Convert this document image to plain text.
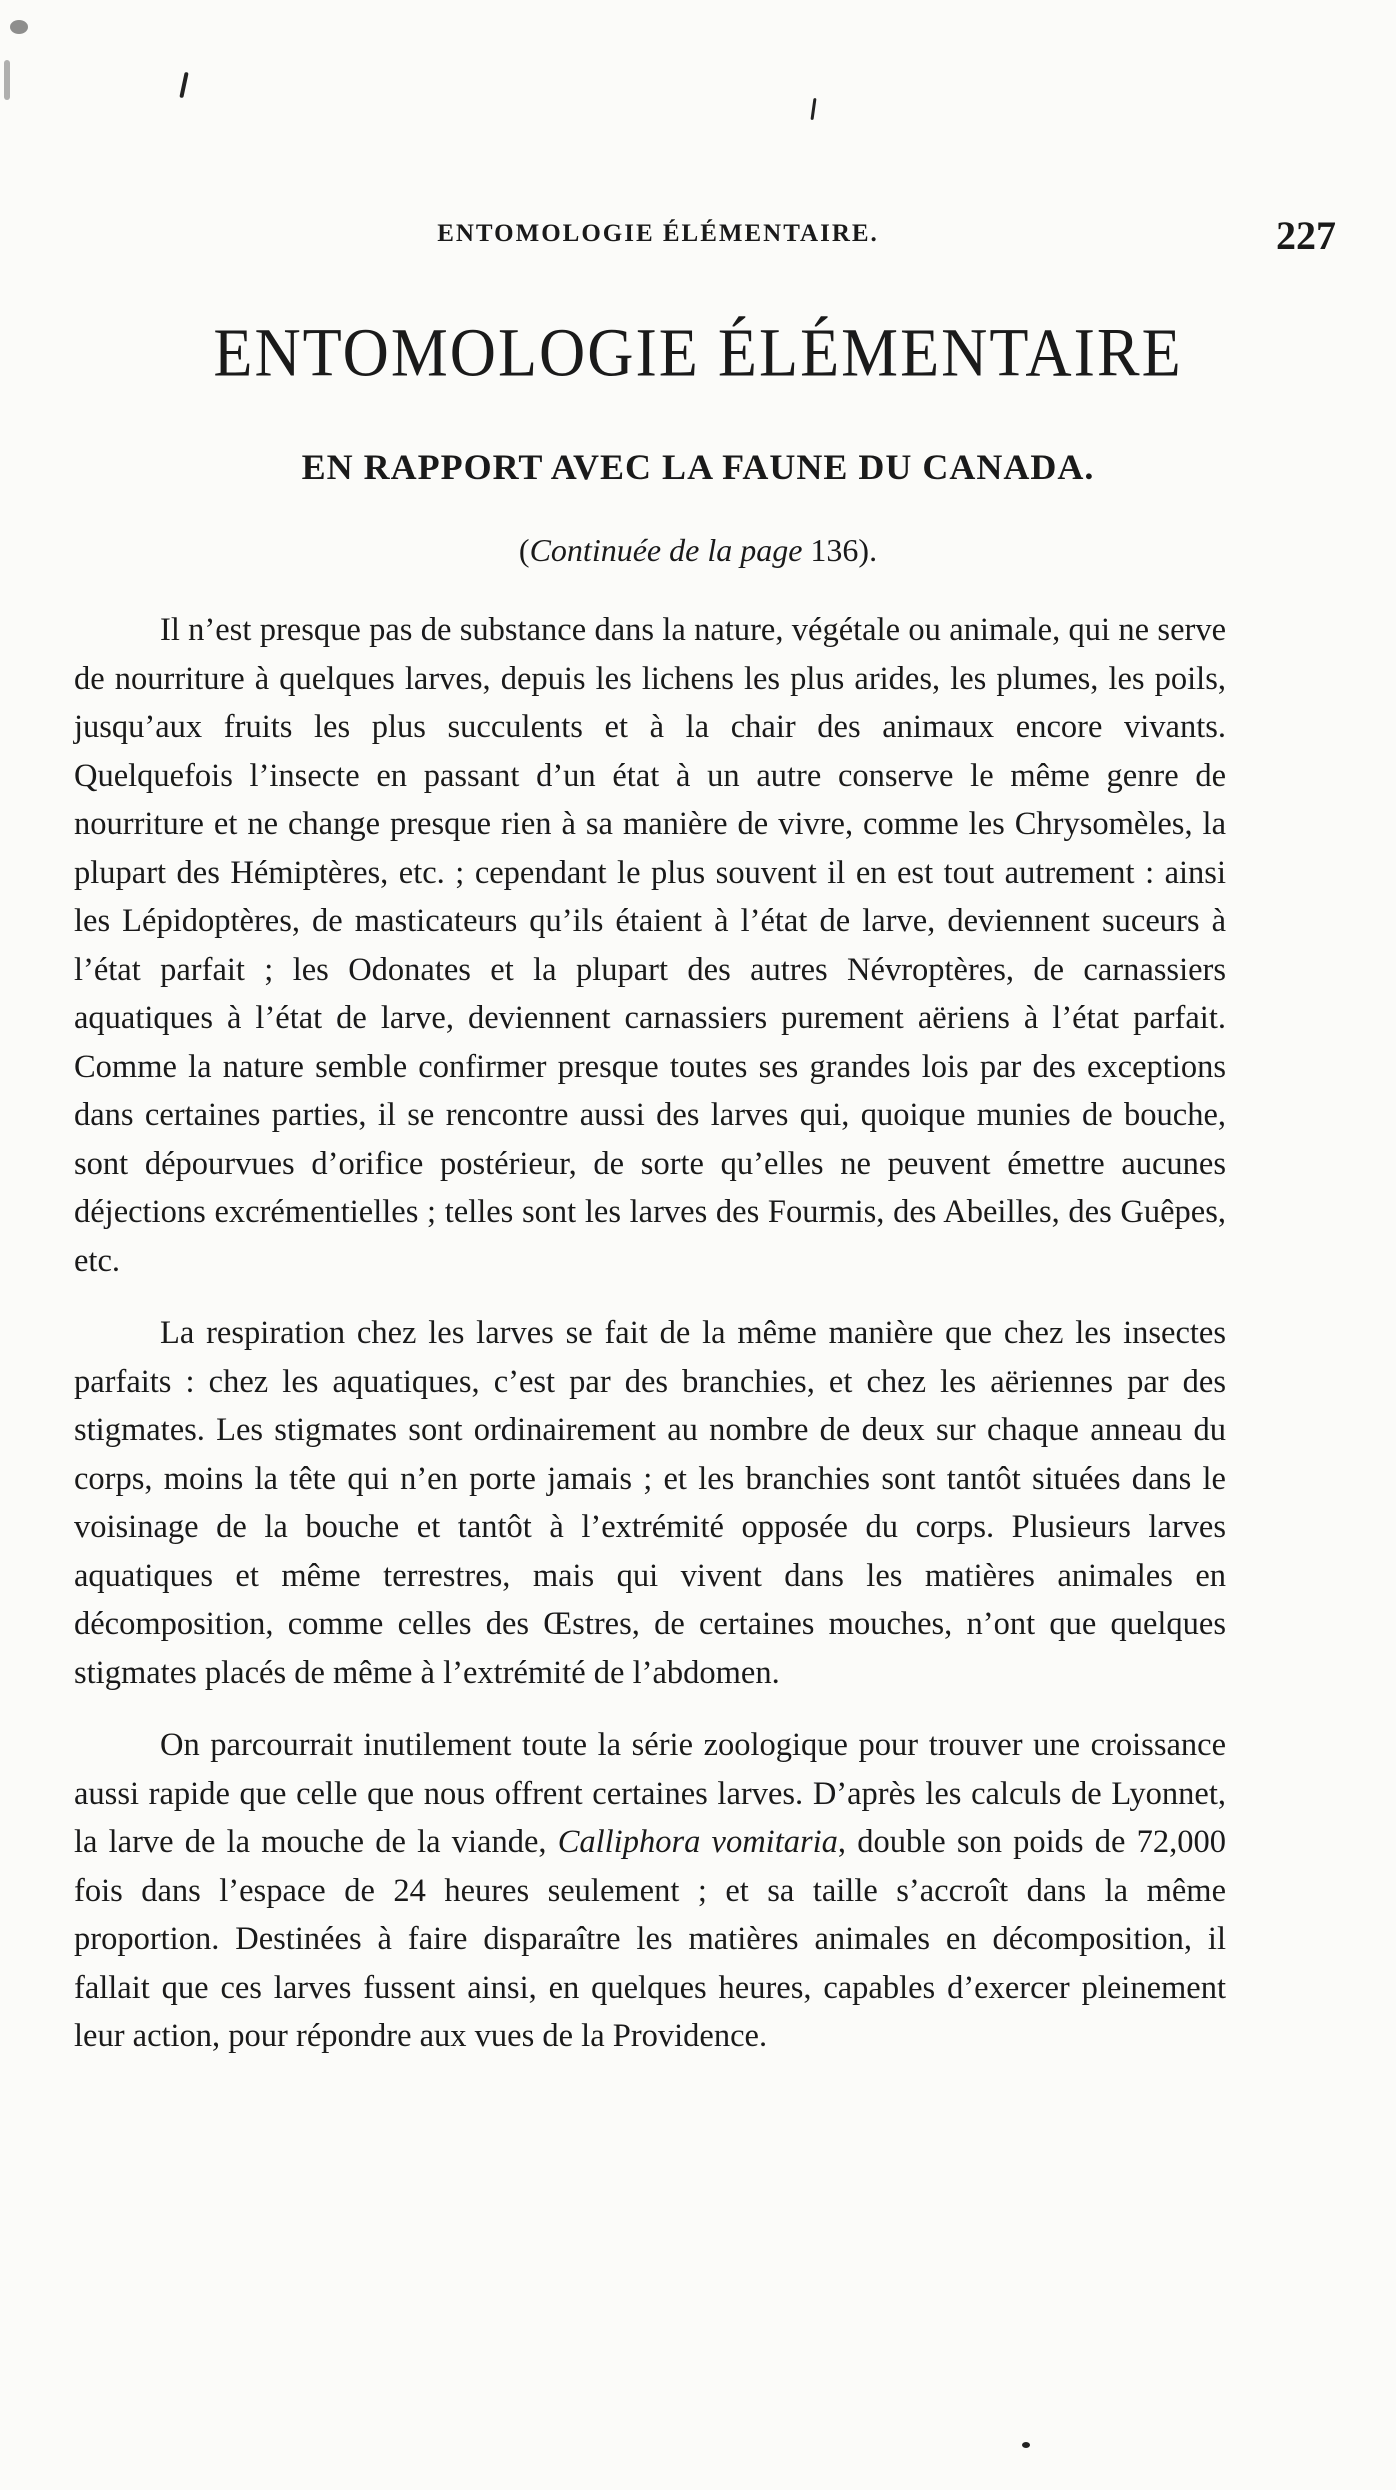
ENTOMOLOGIE ÉLÉMENTAIRE.	227
ENTOMOLOGIE ÉLÉMENTAIRE
EN RAPPORT AVEC LA FAUNE DU CANADA.
(Continuée de la page 136).

Il n’est presque pas de substance dans la nature, végétale ou animale, qui ne serve de nourriture à quelques larves, depuis les lichens les plus arides, les plumes, les poils, jusqu’aux fruits les plus succulents et à la chair des animaux encore vivants. Quelquefois l’insecte en passant d’un état à un autre conserve le même genre de nourriture et ne change presque rien à sa manière de vivre, comme les Chrysomèles, la plupart des Hémiptères, etc. ; cependant le plus souvent il en est tout autrement : ainsi les Lépidoptères, de masticateurs qu’ils étaient à l’état de larve, deviennent suceurs à l’état parfait ; les Odonates et la plupart des autres Névroptères, de carnassiers aquatiques à l’état de larve, deviennent carnassiers purement aëriens à l’état parfait. Comme la nature semble confirmer presque toutes ses grandes lois par des exceptions dans certaines parties, il se rencontre aussi des larves qui, quoique munies de bouche, sont dépourvues d’orifice postérieur, de sorte qu’elles ne peuvent émettre aucunes déjections excrémentielles ; telles sont les larves des Fourmis, des Abeilles, des Guêpes, etc.

La respiration chez les larves se fait de la même manière que chez les insectes parfaits : chez les aquatiques, c’est par des branchies, et chez les aëriennes par des stigmates. Les stigmates sont ordinairement au nombre de deux sur chaque anneau du corps, moins la tête qui n’en porte jamais ; et les branchies sont tantôt situées dans le voisinage de la bouche et tantôt à l’extrémité opposée du corps. Plusieurs larves aquatiques et même terrestres, mais qui vivent dans les matières animales en décomposition, comme celles des Œstres, de certaines mouches, n’ont que quelques stigmates placés de même à l’extrémité de l’abdomen.

On parcourrait inutilement toute la série zoologique pour trouver une croissance aussi rapide que celle que nous offrent certaines larves. D’après les calculs de Lyonnet, la larve de la mouche de la viande, Calliphora vomitaria, double son poids de 72,000 fois dans l’espace de 24 heures seulement ; et sa taille s’accroît dans la même proportion. Destinées à faire disparaître les matières animales en décomposition, il fallait que ces larves fussent ainsi, en quelques heures, capables d’exercer pleinement leur action, pour répondre aux vues de la Providence.
